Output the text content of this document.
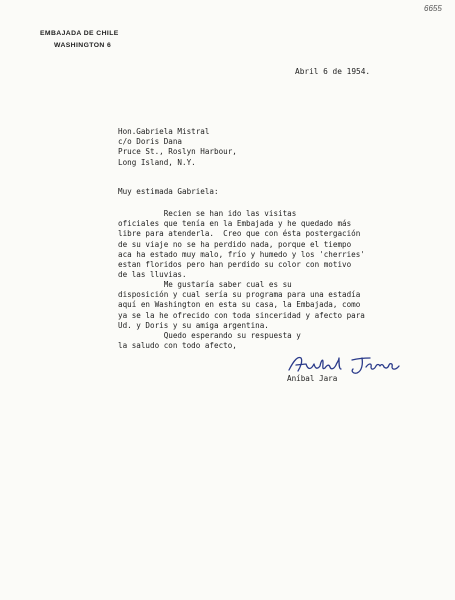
6655
EMBAJADA DE CHILE
WASHINGTON 6
Abril 6 de 1954.
Hon.Gabriela Mistral
c/o Doris Dana
Pruce St., Roslyn Harbour,
Long Island, N.Y.
Muy estimada Gabriela:
Recien se han ido las visitas
oficiales que tenía en la Embajada y he quedado más
libre para atenderla.  Creo que con ésta postergación
de su viaje no se ha perdido nada, porque el tiempo
aca ha estado muy malo, frío y humedo y los 'cherries'
estan floridos pero han perdido su color con motivo
de las lluvias.
Me gustaría saber cual es su
disposición y cual sería su programa para una estadía
aquí en Washington en esta su casa, la Embajada, como
ya se la he ofrecido con toda sinceridad y afecto para
Ud. y Doris y su amiga argentina.
Quedo esperando su respuesta y
la saludo con todo afecto,
Aníbal Jara
